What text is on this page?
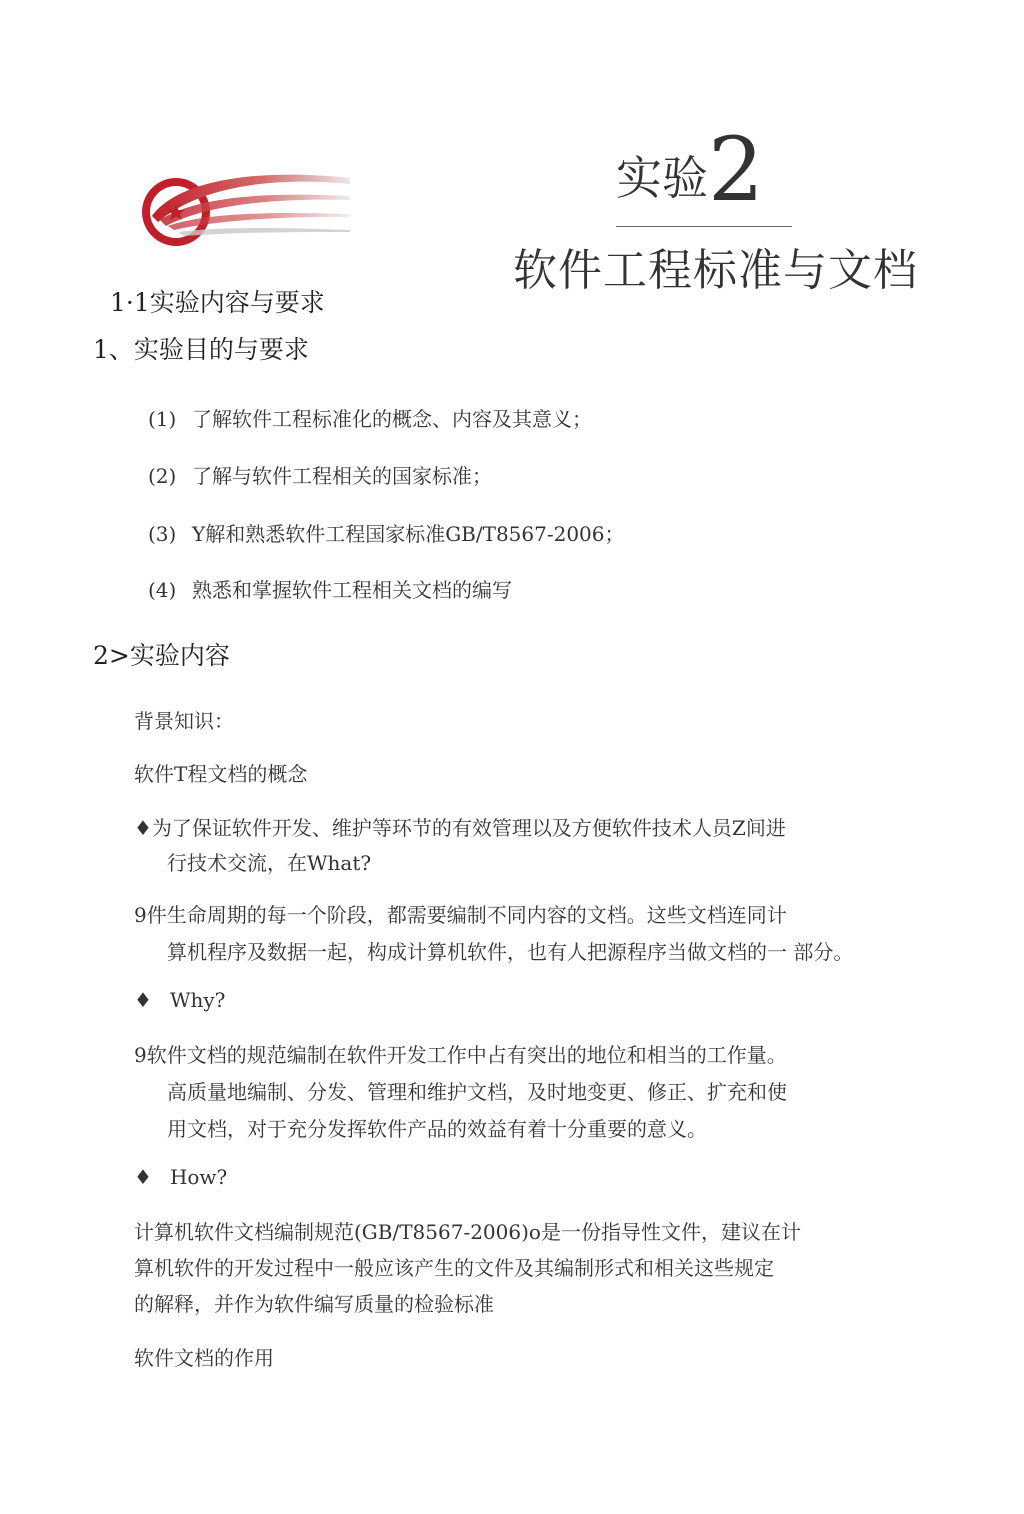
实验2
软件工程标准与文档
1·1实验内容与要求
1、实验目的与要求
(1) 了解软件工程标准化的概念、内容及其意义；
(2) 了解与软件工程相关的国家标准；
(3) Y解和熟悉软件工程国家标准GB/T8567-2006；
(4) 熟悉和掌握软件工程相关文档的编写
2>实验内容
背景知识：
软件T程文档的概念
♦为了保证软件开发、维护等环节的有效管理以及方便软件技术人员Z间进
行技术交流，在What?
9件生命周期的每一个阶段，都需要编制不同内容的文档。这些文档连同计
算机程序及数据一起，构成计算机软件，也有人把源程序当做文档的一 部分。
♦ Why?
9软件文档的规范编制在软件开发工作中占有突出的地位和相当的工作量。
高质量地编制、分发、管理和维护文档，及时地变更、修正、扩充和使
用文档，对于充分发挥软件产品的效益有着十分重要的意义。
♦ How?
计算机软件文档编制规范(GB/T8567-2006)o是一份指导性文件，建议在计
算机软件的开发过程中一般应该产生的文件及其编制形式和相关这些规定
的解释，并作为软件编写质量的检验标准
软件文档的作用
